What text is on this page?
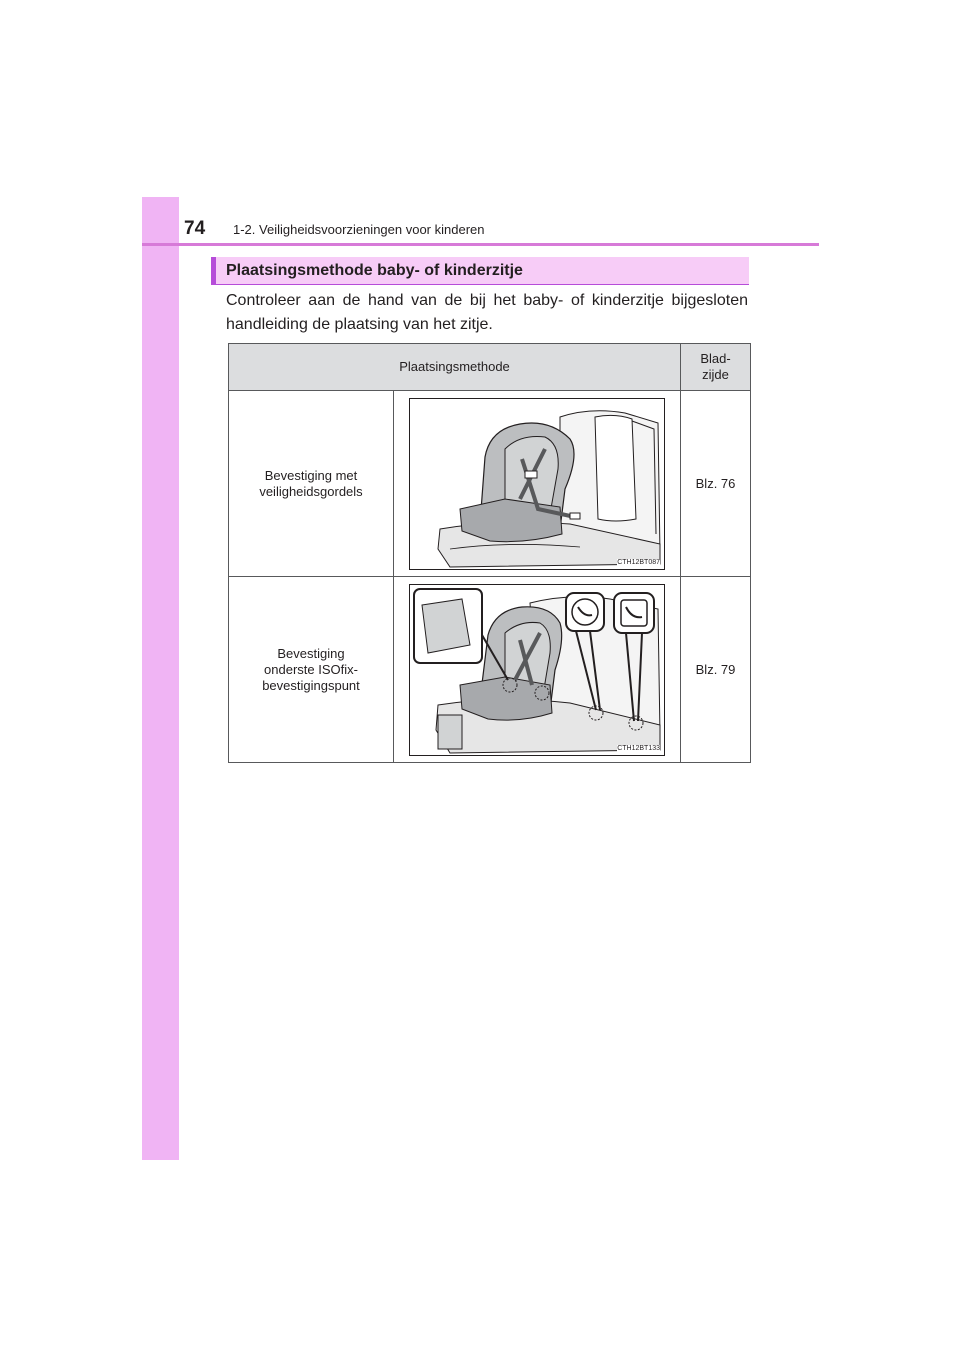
74 1-2. Veiligheidsvoorzieningen voor kinderen
Plaatsingsmethode baby- of kinderzitje

Controleer aan de hand van de bij het baby- of kinderzitje bijgesloten handleiding de plaatsing van het zitje.

Plaatsingsmethode		Blad-
zijde
Bevestiging met
veiligheidsgordels	CTH12BT087	Blz. 76
Bevestiging
onderste ISOfix-
bevestigingspunt	CTH12BT133	Blz. 79
